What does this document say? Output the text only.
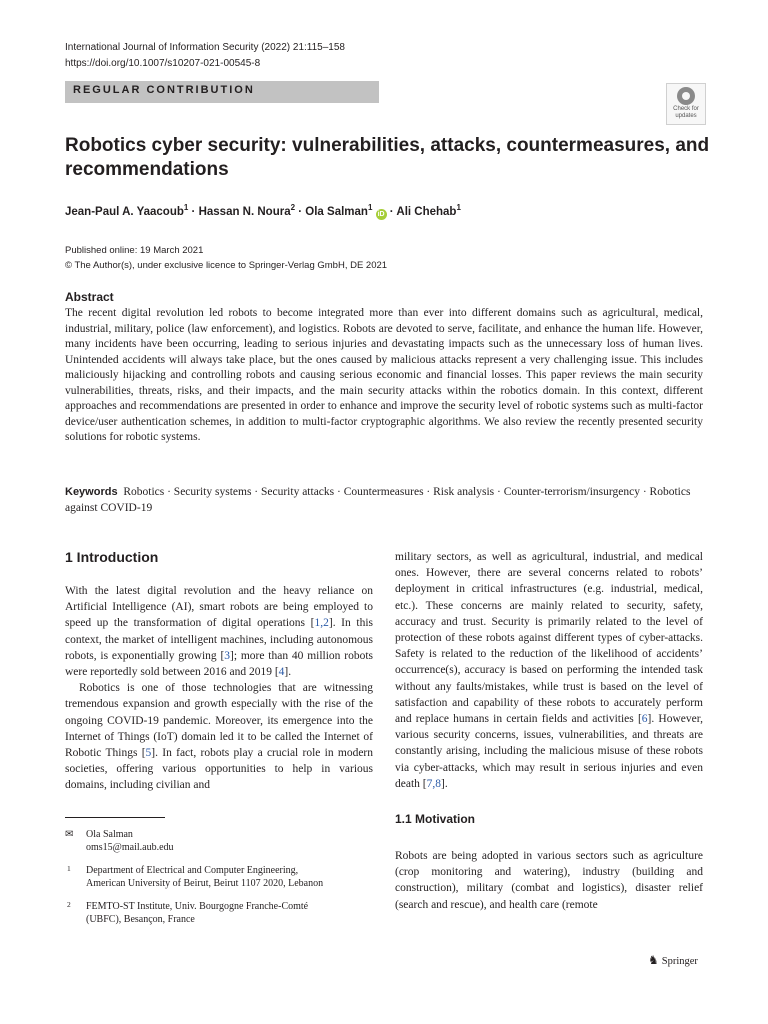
International Journal of Information Security (2022) 21:115–158
https://doi.org/10.1007/s10207-021-00545-8
REGULAR CONTRIBUTION
Check for
updates
Robotics cyber security: vulnerabilities, attacks, countermeasures, and recommendations
Jean-Paul A. Yaacoub$^1$ · Hassan N. Noura$^2$ · Ola Salman$^1$ iD · Ali Chehab$^1$
Published online: 19 March 2021
© The Author(s), under exclusive licence to Springer-Verlag GmbH, DE 2021
Abstract
The recent digital revolution led robots to become integrated more than ever into different domains such as agricultural, medical, industrial, military, police (law enforcement), and logistics. Robots are devoted to serve, facilitate, and enhance the human life. However, many incidents have been occurring, leading to serious injuries and devastating impacts such as the unnecessary loss of human lives. Unintended accidents will always take place, but the ones caused by malicious attacks represent a very challenging issue. This includes maliciously hijacking and controlling robots and causing serious economic and financial losses. This paper reviews the main security vulnerabilities, threats, risks, and their impacts, and the main security attacks within the robotics domain. In this context, different approaches and recommendations are presented in order to enhance and improve the security level of robotic systems such as multi-factor device/user authentication schemes, in addition to multi-factor cryptographic algorithms. We also review the recently presented security solutions for robotic systems.
Keywords Robotics · Security systems · Security attacks · Countermeasures · Risk analysis · Counter-terrorism/insurgency · Robotics against COVID-19
1 Introduction

With the latest digital revolution and the heavy reliance on Artificial Intelligence (AI), smart robots are being employed to speed up the transformation of digital operations [1,2]. In this context, the market of intelligent machines, including autonomous robots, is exponentially growing [3]; more than 40 million robots were reportedly sold between 2016 and 2019 [4].

Robotics is one of those technologies that are witnessing tremendous expansion and growth especially with the rise of the ongoing COVID-19 pandemic. Moreover, its emergence into the Internet of Things (IoT) domain led it to be called the Internet of Robotic Things [5]. In fact, robots play a crucial role in modern societies, offering various opportunities to help in various domains, including civilian and

military sectors, as well as agricultural, industrial, and medical ones. However, there are several concerns related to robots’ deployment in critical infrastructures (e.g. industrial, medical, etc.). These concerns are mainly related to security, safety, accuracy and trust. Security is primarily related to the level of protection of these robots against different types of cyber-attacks. Safety is related to the reduction of the likelihood of accidents’ occurrence(s), accuracy is based on performing the intended task without any faults/mistakes, while trust is based on the level of satisfaction and capability of these robots to accurately perform and replace humans in certain fields and activities [6]. However, various security concerns, issues, vulnerabilities, and threats are constantly arising, including the malicious misuse of these robots via cyber-attacks, which may result in serious injuries and even death [7,8].

1.1 Motivation

Robots are being adopted in various sectors such as agriculture (crop monitoring and watering), industry (building and construction), military (combat and logistics), disaster relief (search and rescue), and health care (remote

✉ Ola Salman
oms15@mail.aub.edu
1 Department of Electrical and Computer Engineering,
American University of Beirut, Beirut 1107 2020, Lebanon
2 FEMTO-ST Institute, Univ. Bourgogne Franche-Comté
(UBFC), Besançon, France
♞ Springer
